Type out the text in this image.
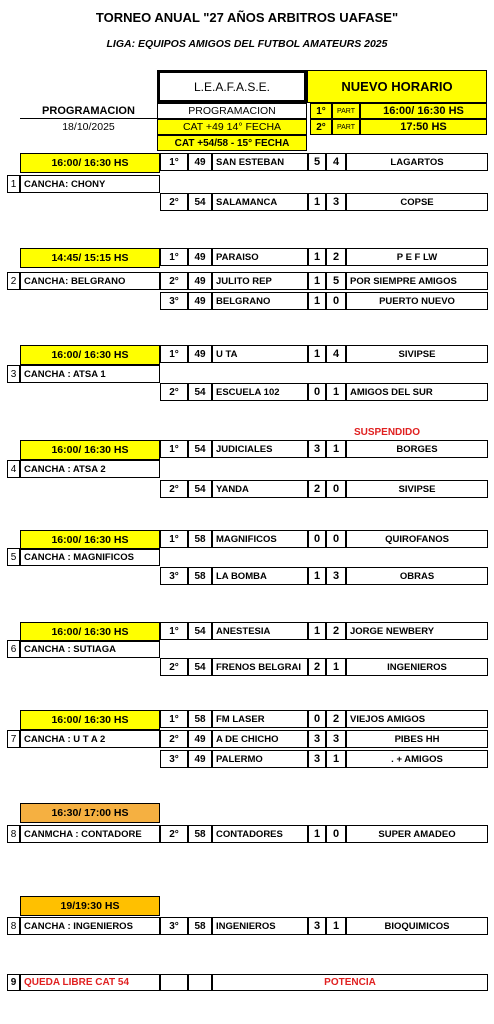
TORNEO ANUAL "27 AÑOS ARBITROS UAFASE"
LIGA: EQUIPOS AMIGOS DEL FUTBOL AMATEURS 2025
L.E.A.F.A.S.E.	NUEVO HORARIO
PROGRAMACION	PROGRAMACION	1° PART	16:00/ 16:30 HS
18/10/2025	CAT +49 14° FECHA	2° PART	17:50 HS
CAT +54/58 - 15° FECHA
16:00/ 16:30 HS
1 CANCHA: CHONY
1° 49 SAN ESTEBAN	5 4	LAGARTOS
2° 54 SALAMANCA	1 3	COPSE
14:45/ 15:15 HS
2 CANCHA: BELGRANO
1° 49 PARAISO	1 2	P E F LW
2° 49 JULITO REP	1 5 POR SIEMPRE AMIGOS
3° 49 BELGRANO	1 0	PUERTO NUEVO
16:00/ 16:30 HS
3 CANCHA : ATSA 1
1° 49 U TA	1 4	SIVIPSE
2° 54 ESCUELA 102	0 1 AMIGOS DEL SUR
16:00/ 16:30 HS
4 CANCHA : ATSA 2
SUSPENDIDO
1° 54 JUDICIALES	3 1	BORGES
2° 54 YANDA	2 0	SIVIPSE
16:00/ 16:30 HS
5 CANCHA : MAGNIFICOS
1° 58 MAGNIFICOS	0 0	QUIROFANOS
3° 58 LA BOMBA	1 3	OBRAS
16:00/ 16:30 HS
6 CANCHA : SUTIAGA
1° 54 ANESTESIA	1 2 JORGE NEWBERY
2° 54 FRENOS BELGRAI 2 1	INGENIEROS
16:00/ 16:30 HS
7 CANCHA : U T A 2
1° 58 FM LASER	0 2 VIEJOS AMIGOS
2° 49 A DE CHICHO	3 3	PIBES HH
3° 49 PALERMO	3 1	. + AMIGOS
16:30/ 17:00 HS
8 CANMCHA : CONTADORE	2° 58 CONTADORES	1 0	SUPER AMADEO
19/19:30 HS
8 CANCHA : INGENIEROS	3° 58 INGENIEROS	3 1	BIOQUIMICOS
9 QUEDA LIBRE CAT 54	POTENCIA
